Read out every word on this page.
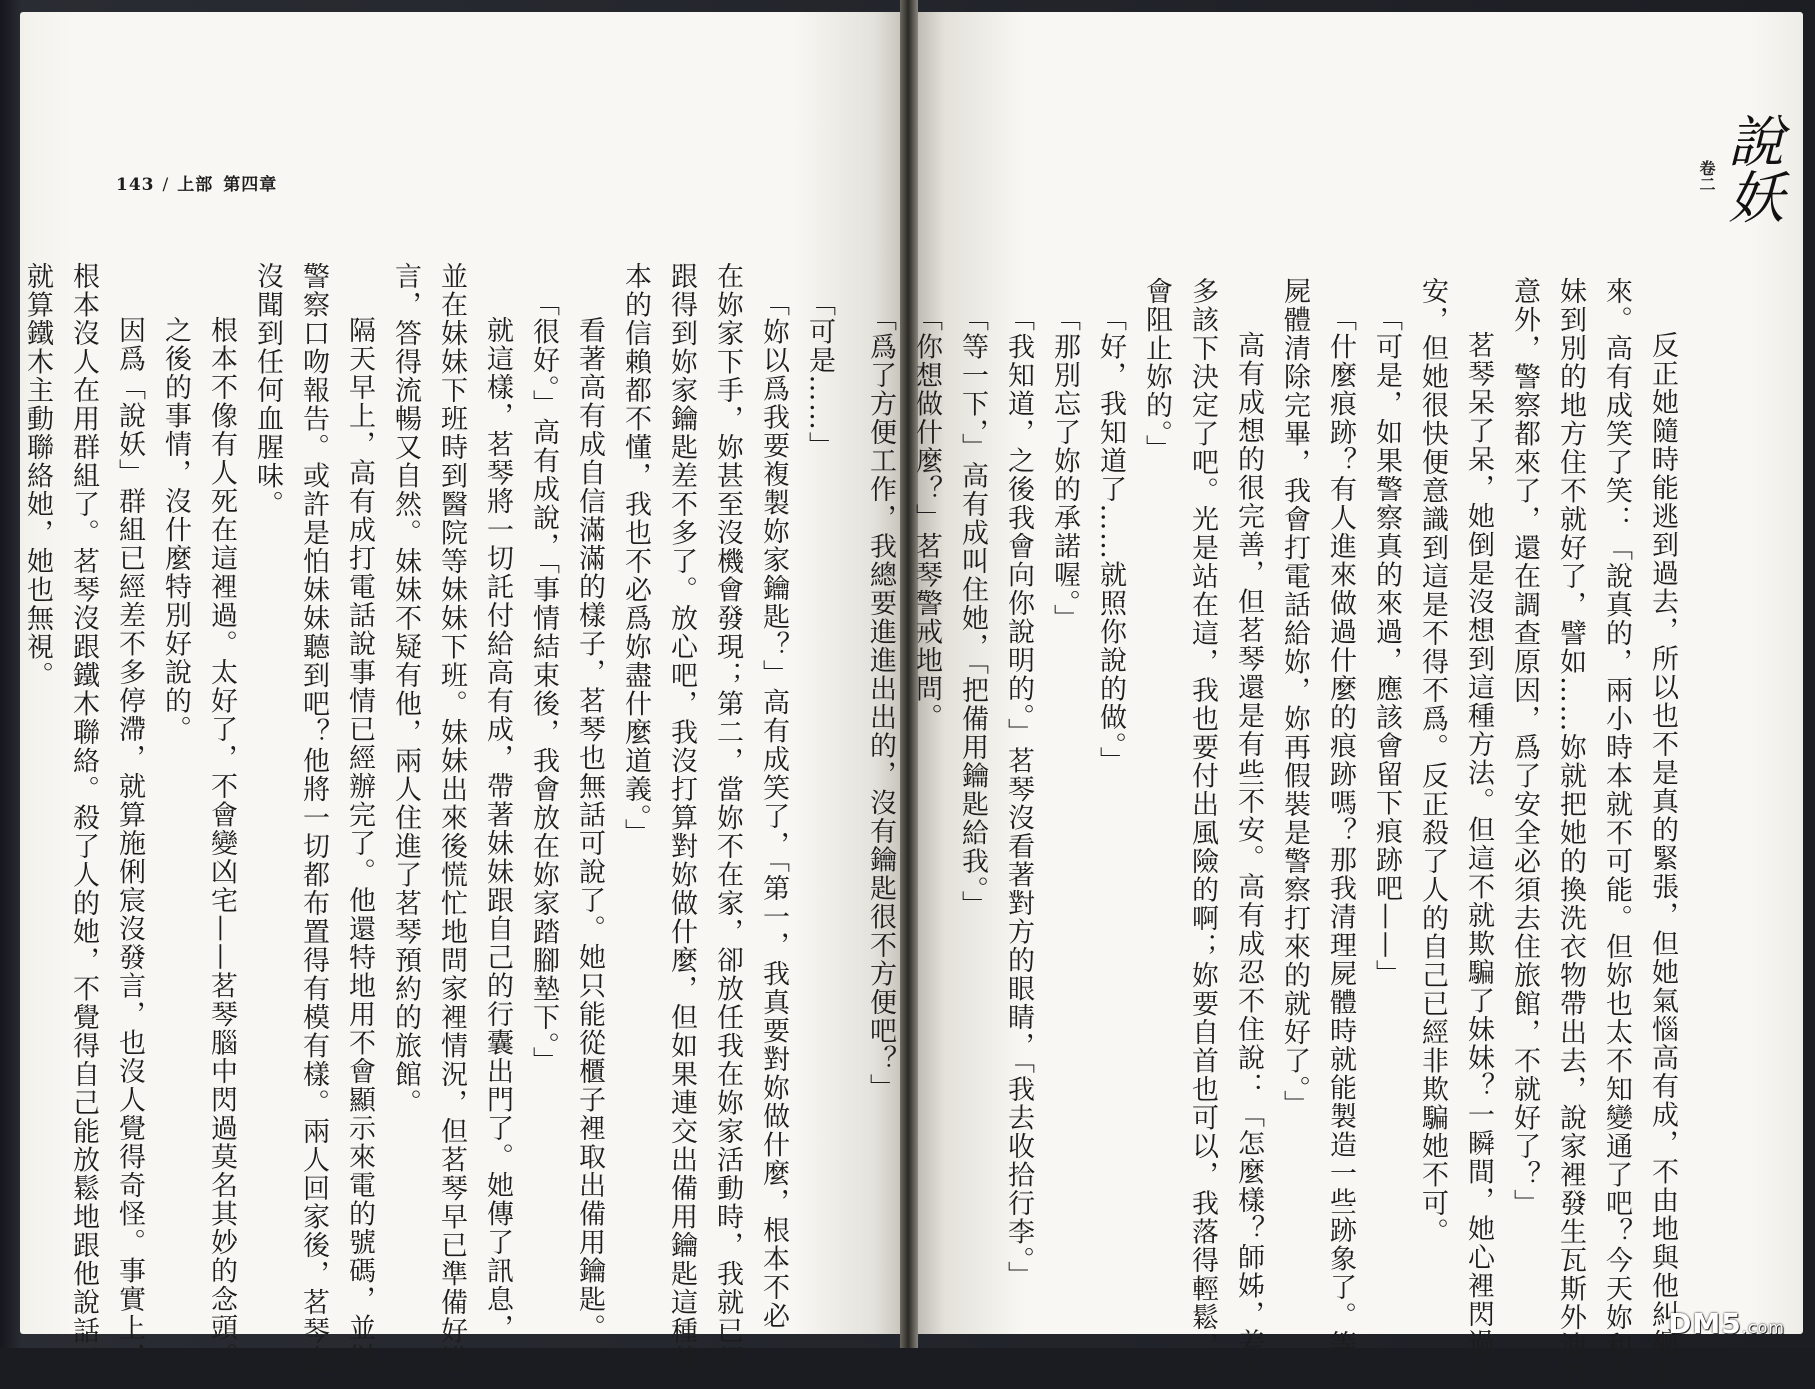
143 / 上部 第四章

「可是……」

「妳以爲我要複製妳家鑰匙？」高有成笑了，「第一，我真要對妳做什麼，根本不必

在妳家下手，妳甚至沒機會發現；第二，當妳不在家，卻放任我在妳家活動時，我就已經

跟得到妳家鑰匙差不多了。放心吧，我沒打算對妳做什麼，但如果連交出備用鑰匙這種基

本的信賴都不懂，我也不必爲妳盡什麼道義。」

看著高有成自信滿滿的樣子，茗琴也無話可說了。她只能從櫃子裡取出備用鑰匙。

「很好。」高有成說，「事情結束後，我會放在妳家踏腳墊下。」

就這樣，茗琴將一切託付給高有成，帶著妹妹跟自己的行囊出門了。她傳了訊息，

並在妹妹下班時到醫院等妹妹下班。妹妹出來後慌忙地問家裡情況，但茗琴早已準備好謊

言，答得流暢又自然。妹妹不疑有他，兩人住進了茗琴預約的旅館。

隔天早上，高有成打電話說事情已經辦完了。他還特地用不會顯示來電的號碼，並以

警察口吻報告。或許是怕妹妹聽到吧？他將一切都布置得有模有樣。兩人回家後，茗琴也

沒聞到任何血腥味。

根本不像有人死在這裡過。太好了，不會變凶宅——茗琴腦中閃過莫名其妙的念頭。

之後的事情，沒什麼特別好說的。

因爲「說妖」群組已經差不多停滯，就算施俐宸沒發言，也沒人覺得奇怪。事實上，

根本沒人在用群組了。茗琴沒跟鐵木聯絡。殺了人的她，不覺得自己能放鬆地跟他說話，

就算鐵木主動聯絡她，她也無視。

說妖
卷二

反正她隨時能逃到過去，所以也不是真的緊張，但她氣惱高有成，不由地與他糾纏起

來。高有成笑了笑：「說真的，兩小時本就不可能。但妳也太不知變通了吧？今天妳和令

妹到別的地方住不就好了，譬如……妳就把她的換洗衣物帶出去，說家裡發生瓦斯外洩的

意外，警察都來了，還在調查原因，爲了安全必須去住旅館，不就好了？」

茗琴呆了呆，她倒是沒想到這種方法。但這不就欺騙了妹妹？一瞬間，她心裡閃過不

安，但她很快便意識到這是不得不爲。反正殺了人的自己已經非欺騙她不可。

「可是，如果警察真的來過，應該會留下痕跡吧——」

「什麼痕跡？有人進來做過什麼的痕跡嗎？那我清理屍體時就能製造一些跡象了。等

屍體清除完畢，我會打電話給妳，妳再假裝是警察打來的就好了。」

高有成想的很完善，但茗琴還是有些不安。高有成忍不住說：「怎麼樣？師姊，差不

多該下決定了吧。光是站在這，我也要付出風險的啊；妳要自首也可以，我落得輕鬆，不

會阻止妳的。」

「好，我知道了……就照你說的做。」

「那別忘了妳的承諾喔。」

「我知道，之後我會向你說明的。」茗琴沒看著對方的眼睛，「我去收拾行李。」

「等一下，」高有成叫住她，「把備用鑰匙給我。」

「你想做什麼？」茗琴警戒地問。

「爲了方便工作，我總要進進出出的，沒有鑰匙很不方便吧？」

DM5.com
